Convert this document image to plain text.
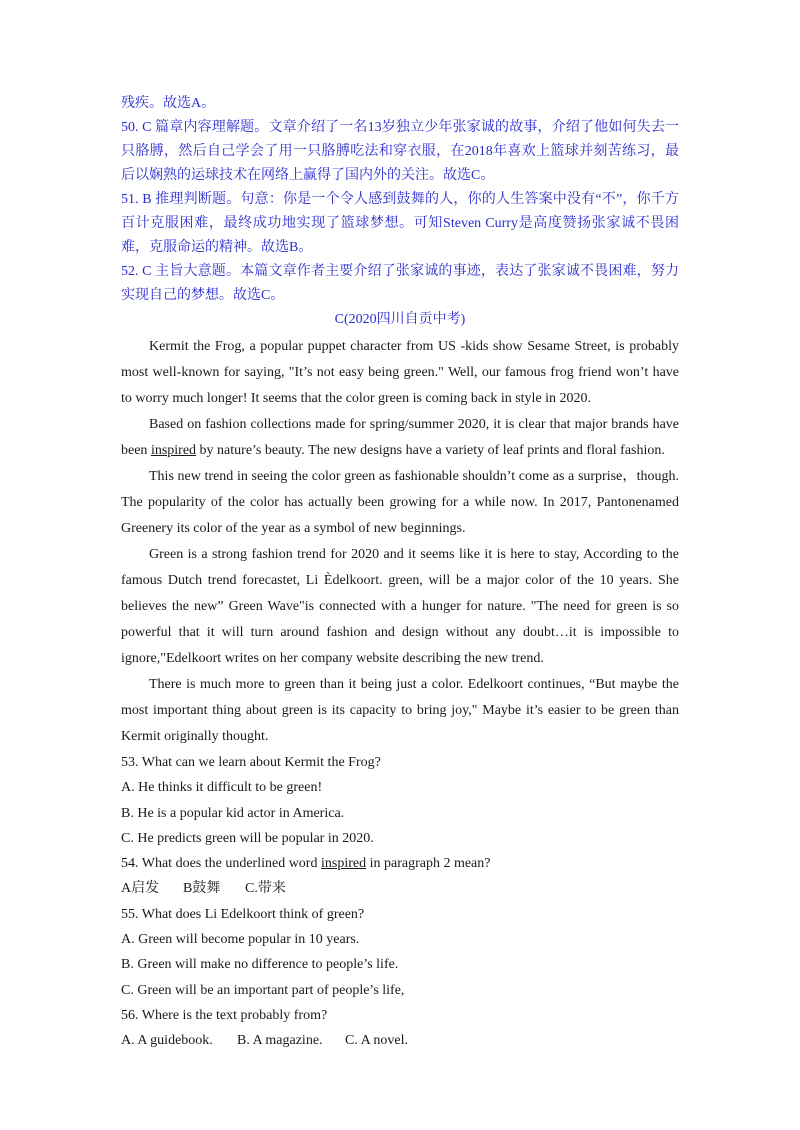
残疾。故选A。

50. C 篇章内容理解题。文章介绍了一名13岁独立少年张家诚的故事，介绍了他如何失去一只胳膊，然后自己学会了用一只胳膊吃法和穿衣服，在2018年喜欢上篮球并刻苦练习，最后以娴熟的运球技术在网络上赢得了国内外的关注。故选C。

51. B 推理判断题。句意：你是一个令人感到鼓舞的人，你的人生答案中没有“不”，你千方百计克服困难，最终成功地实现了篮球梦想。可知Steven Curry是高度赞扬张家诚不畏困难，克服命运的精神。故选B。

52. C 主旨大意题。本篇文章作者主要介绍了张家诚的事迹，表达了张家诚不畏困难，努力实现自己的梦想。故选C。

C(2020四川自贡中考)

Kermit the Frog, a popular puppet character from US -kids show Sesame Street, is probably most well-known for saying, "It’s not easy being green." Well, our famous frog friend won’t have to worry much longer! It seems that the color green is coming back in style in 2020.

Based on fashion collections made for spring/summer 2020, it is clear that major brands have been inspired by nature’s beauty. The new designs have a variety of leaf prints and floral fashion.

This new trend in seeing the color green as fashionable shouldn’t come as a surprise，though. The popularity of the color has actually been growing for a while now. In 2017, Pantonenamed Greenery its color of the year as a symbol of new beginnings.

Green is a strong fashion trend for 2020 and it seems like it is here to stay, According to the famous Dutch trend forecastet, Li Èdelkoort. green, will be a major color of the 10 years. She believes the new” Green Wave"is connected with a hunger for nature. "The need for green is so powerful that it will turn around fashion and design without any doubt…it is impossible to ignore,"Edelkoort writes on her company website describing the new trend.

There is much more to green than it being just a color. Edelkoort continues, “But maybe the most important thing about green is its capacity to bring joy," Maybe it’s easier to be green than Kermit originally thought.

53. What can we learn about Kermit the Frog?

A. He thinks it difficult to be green!

B. He is a popular kid actor in America.

C. He predicts green will be popular in 2020.

54. What does the underlined word inspired in paragraph 2 mean?

A启发 B鼓舞 C.带来

55. What does Li Edelkoort think of green?

A. Green will become popular in 10 years.

B. Green will make no difference to people’s life.

C. Green will be an important part of people’s life,

56. Where is the text probably from?

A. A guidebook. B. A magazine. C. A novel.
